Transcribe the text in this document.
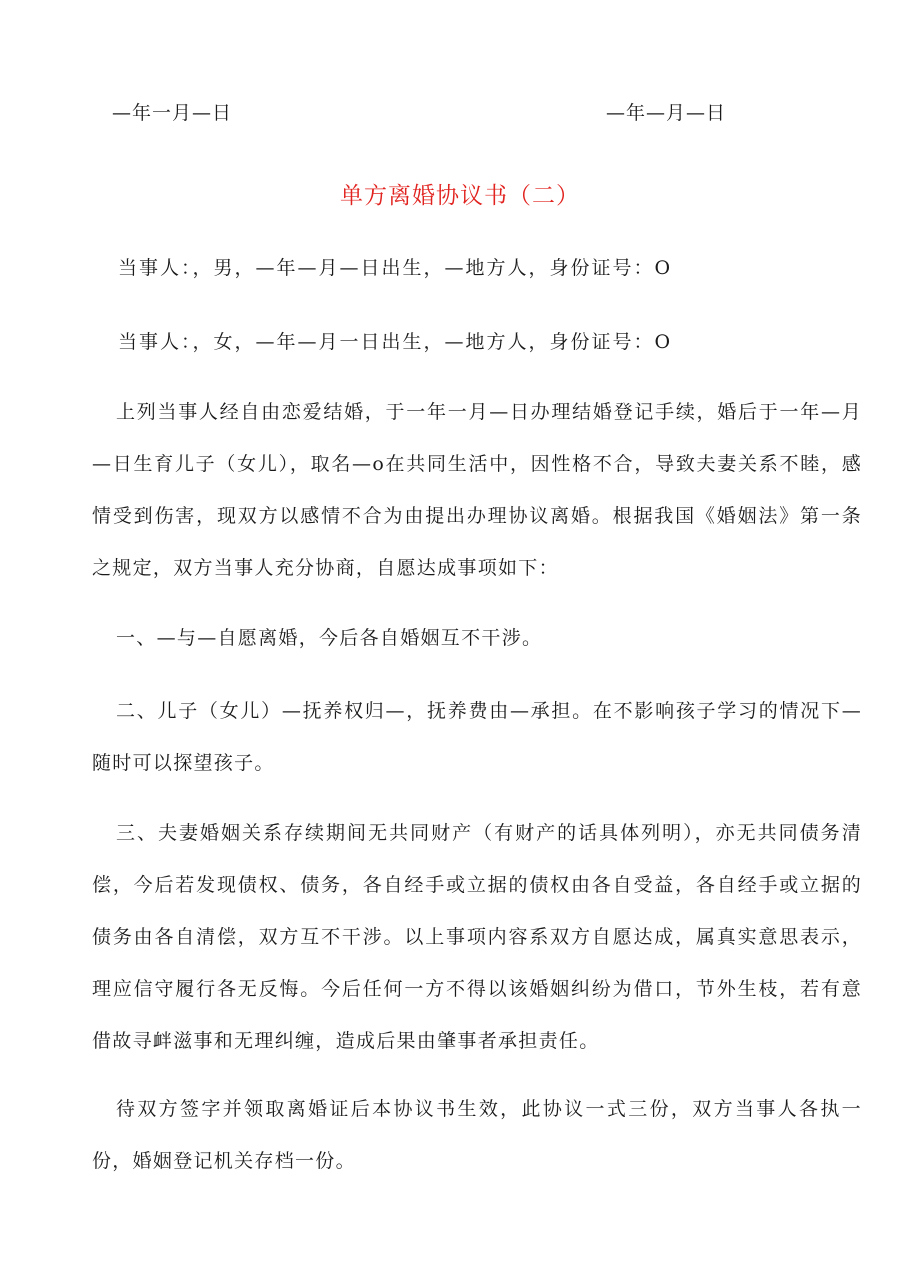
—年一月—日	—年—月—日
单方离婚协议书（二）
当事人：，男，—年—月—日出生，—地方人，身份证号：O
当事人：，女，—年—月一日出生，—地方人，身份证号：O

上列当事人经自由恋爱结婚，于一年一月—日办理结婚登记手续，婚后于一年—月—日生育儿子（女儿），取名—o在共同生活中，因性格不合，导致夫妻关系不睦，感情受到伤害，现双方以感情不合为由提出办理协议离婚。根据我国《婚姻法》第一条之规定，双方当事人充分协商，自愿达成事项如下：

一、—与—自愿离婚，今后各自婚姻互不干涉。

二、儿子（女儿）—抚养权归—，抚养费由—承担。在不影响孩子学习的情况下—随时可以探望孩子。

三、夫妻婚姻关系存续期间无共同财产（有财产的话具体列明），亦无共同债务清偿，今后若发现债权、债务，各自经手或立据的债权由各自受益，各自经手或立据的债务由各自清偿，双方互不干涉。以上事项内容系双方自愿达成，属真实意思表示，理应信守履行各无反悔。今后任何一方不得以该婚姻纠纷为借口，节外生枝，若有意借故寻衅滋事和无理纠缠，造成后果由肇事者承担责任。

待双方签字并领取离婚证后本协议书生效，此协议一式三份，双方当事人各执一份，婚姻登记机关存档一份。
